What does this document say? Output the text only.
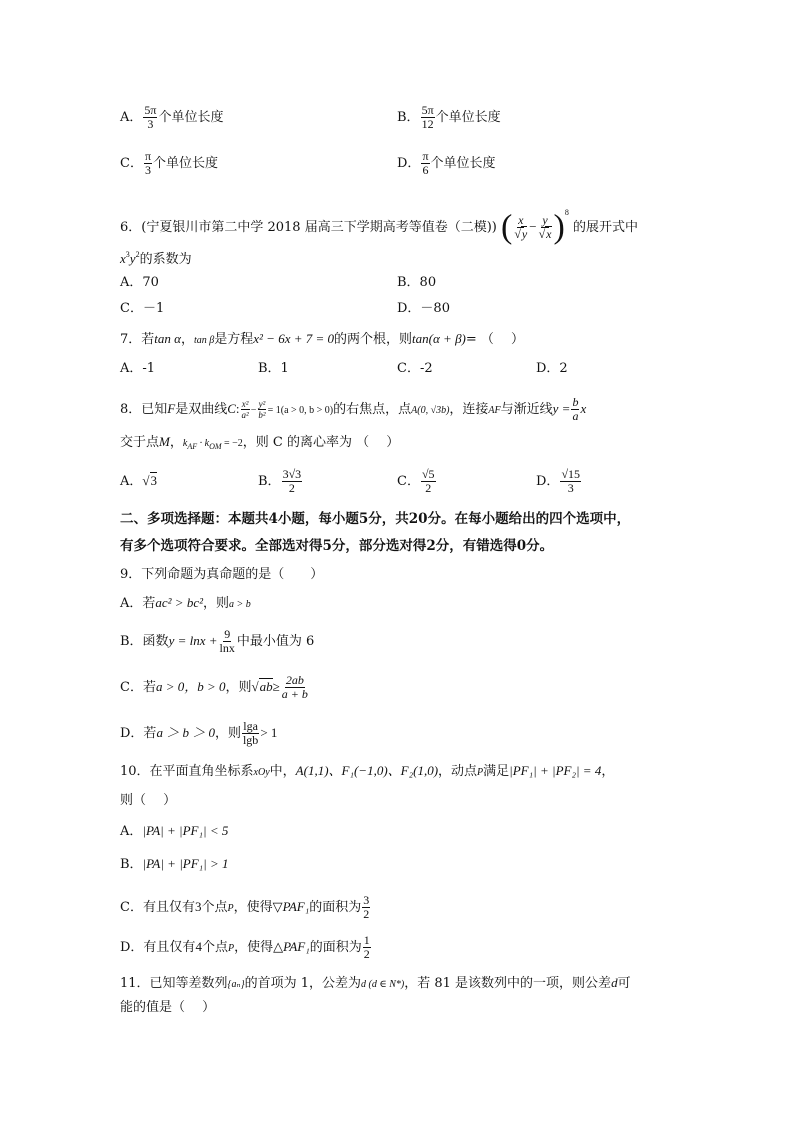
A． $\frac{5\pi}{3}$ 个单位长度	B． $\frac{5\pi}{12}$ 个单位长度
C． $\frac{\pi}{3}$ 个单位长度	D． $\frac{\pi}{6}$ 个单位长度
6．(宁夏银川市第二中学 2018 届高三下学期高考等值卷（二模)) ( $\frac{x}{√y} - \frac{y}{√x} )^8$ 的展开式中
$x^3y^2$的系数为
A．70	B．80
C．－1	D．－80
7．若tan α，tan β是方程x² − 6x + 7 = 0的两个根，则tan(α + β)= （　 ）
A．-1	B．1	C．-2	D．2
8．已知F是双曲线C: $\frac{\text{x²}}{\text{a²}} - \frac{\text{y²}}{\text{b²}} = 1(a > 0$, b > 0)的右焦点，点A(0, √3b)，连接AF与渐近线$y = \frac{b}{a}$ x
交于点M，$k_{AF} \cdot k_{OM} = -2$，则 C 的离心率为 （　 ）
A．√3	B． $\frac{3√3}{2}$	C． $\frac{√5}{2}$	D． $\frac{√15}{3}$
二、多项选择题：本题共4小题，每小题5分，共20分。在每小题给出的四个选项中，
有多个选项符合要求。全部选对得5分，部分选对得2分，有错选得0分。
9．下列命题为真命题的是（　　）
A．若ac² > bc²，则a > b
B．函数$y = \ln x + \frac{9}{\ln x}$ 中最小值为 6
C．若a > 0，b > 0，则$√ab\ge \frac{2ab}{a + b}$
D．若a ＞ b ＞ 0，则 $\frac{\lg a}{\lg b} > 1$
10．在平面直角坐标系xOy中，A(1,1)、F₁(−1,0)、F₂(1,0)，动点P满足|PF₁| + |PF₂| = 4，
则（　 ）
A．|PA| + |PF₁| < 5
B．|PA| + |PF₁| > 1
C．有且仅有3个点P，使得▽PAF₁的面积为 $\frac{3}{2}$
D．有且仅有4个点P，使得△PAF₁的面积为 $\frac{1}{2}$
11．已知等差数列{aₙ}的首项为 1，公差为d (d ∈ N*)，若 81 是该数列中的一项，则公差d可
能的值是（　 ）
